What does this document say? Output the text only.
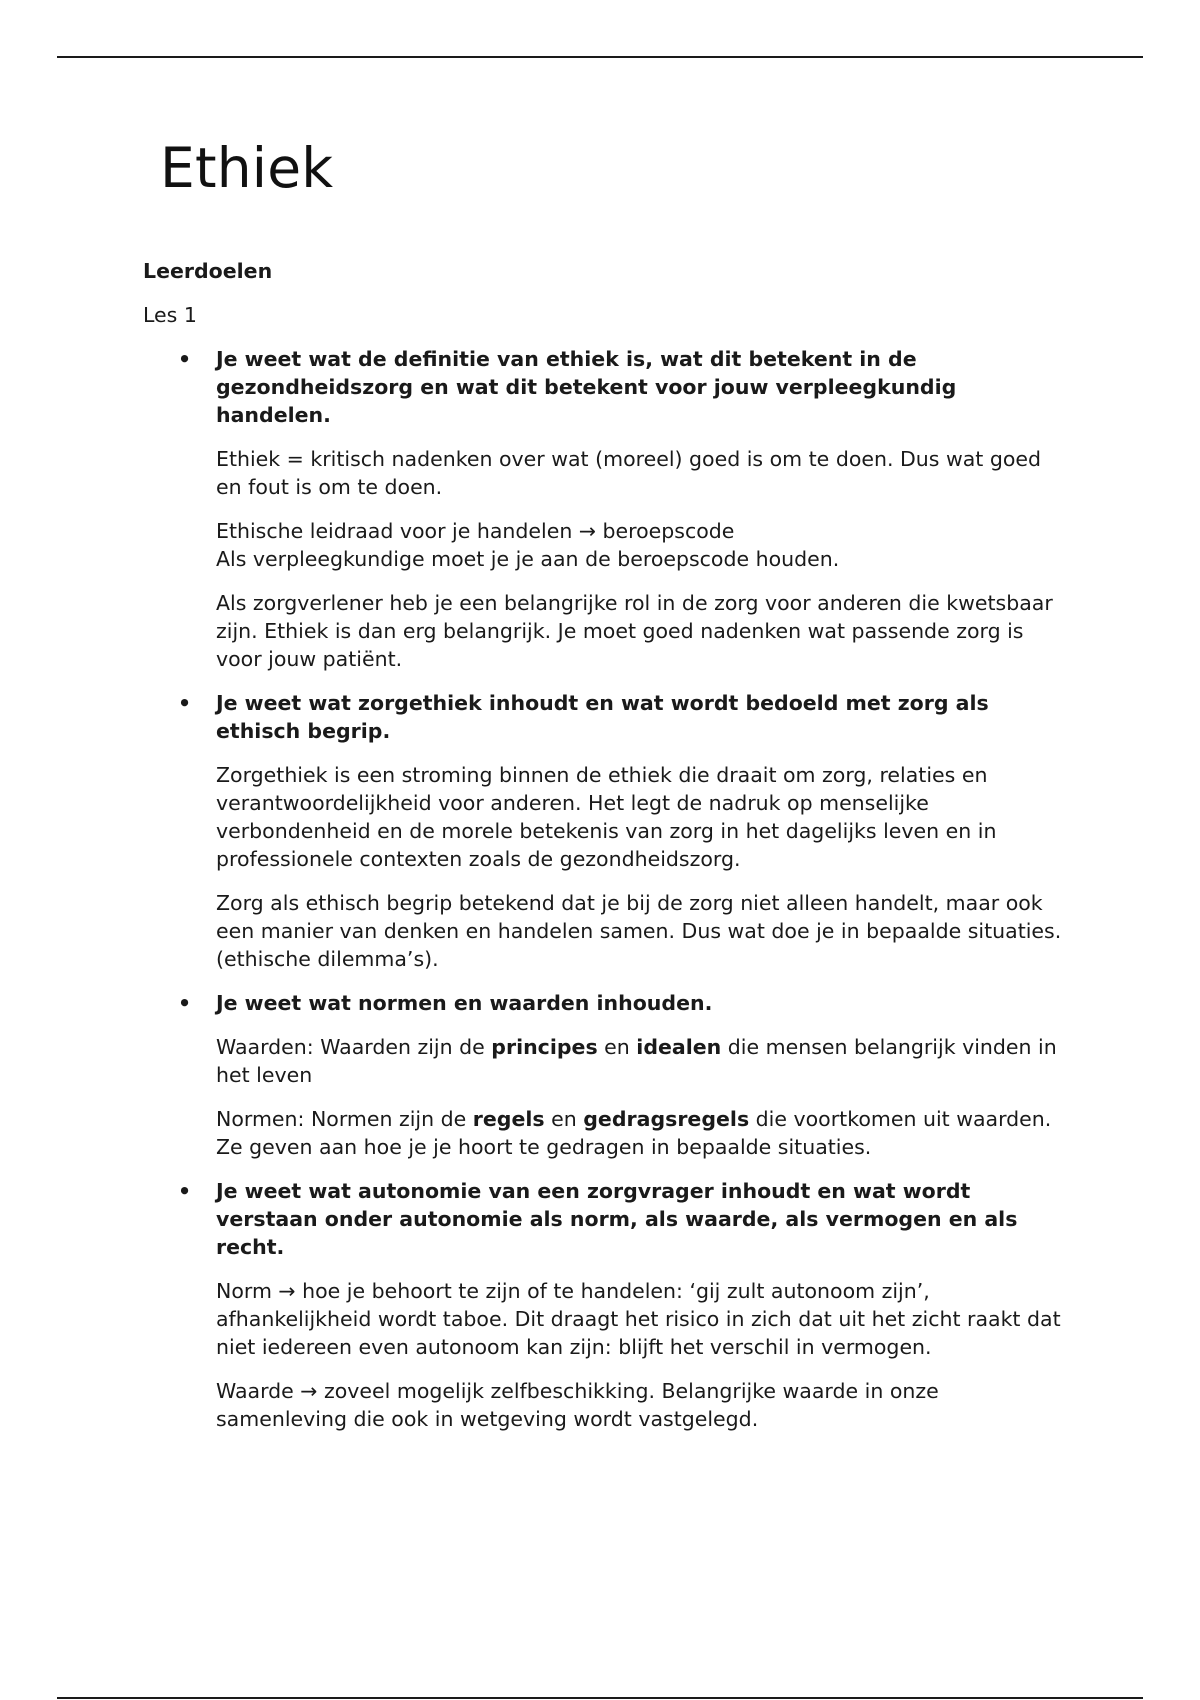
Ethiek

Leerdoelen

Les 1

• Je weet wat de definitie van ethiek is, wat dit betekent in de gezondheidszorg en wat dit betekent voor jouw verpleegkundig handelen.

Ethiek = kritisch nadenken over wat (moreel) goed is om te doen. Dus wat goed en fout is om te doen.

Ethische leidraad voor je handelen → beroepscode
Als verpleegkundige moet je je aan de beroepscode houden.

Als zorgverlener heb je een belangrijke rol in de zorg voor anderen die kwetsbaar zijn. Ethiek is dan erg belangrijk. Je moet goed nadenken wat passende zorg is voor jouw patiënt.

• Je weet wat zorgethiek inhoudt en wat wordt bedoeld met zorg als ethisch begrip.

Zorgethiek is een stroming binnen de ethiek die draait om zorg, relaties en verantwoordelijkheid voor anderen. Het legt de nadruk op menselijke verbondenheid en de morele betekenis van zorg in het dagelijks leven en in professionele contexten zoals de gezondheidszorg.

Zorg als ethisch begrip betekend dat je bij de zorg niet alleen handelt, maar ook een manier van denken en handelen samen. Dus wat doe je in bepaalde situaties. (ethische dilemma’s).

• Je weet wat normen en waarden inhouden.

Waarden: Waarden zijn de principes en idealen die mensen belangrijk vinden in het leven

Normen: Normen zijn de regels en gedragsregels die voortkomen uit waarden. Ze geven aan hoe je je hoort te gedragen in bepaalde situaties.

• Je weet wat autonomie van een zorgvrager inhoudt en wat wordt verstaan onder autonomie als norm, als waarde, als vermogen en als recht.

Norm → hoe je behoort te zijn of te handelen: ‘gij zult autonoom zijn’, afhankelijkheid wordt taboe. Dit draagt het risico in zich dat uit het zicht raakt dat niet iedereen even autonoom kan zijn: blijft het verschil in vermogen.

Waarde → zoveel mogelijk zelfbeschikking. Belangrijke waarde in onze samenleving die ook in wetgeving wordt vastgelegd.
